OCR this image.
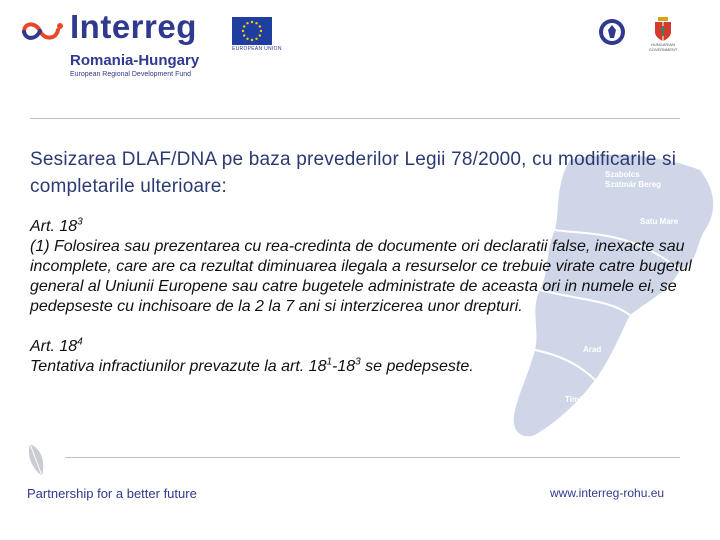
Interreg
Romania-Hungary
European Regional Development Fund
EUROPEAN UNION
HUNGARIAN GOVERNMENT
Szabolcs Szatmár Bereg
Satu Mare
Arad
Timiș
Sesizarea DLAF/DNA pe baza prevederilor Legii 78/2000, cu modificarile si completarile ulterioare:
Art. $18^3$
(1) Folosirea sau prezentarea cu rea-credinta de documente ori declaratii false, inexacte sau incomplete, care are ca rezultat diminuarea ilegala a resurselor ce trebuie virate catre bugetul general al Uniunii Europene sau catre bugetele administrate de aceasta ori in numele ei, se pedepseste cu inchisoare de la 2 la 7 ani si interzicerea unor drepturi.
Art. $18^4$
Tentativa infractiunilor prevazute la art. $18^1-18^3$ se pedepseste.
Partnership for a better future	www.interreg-rohu.eu
